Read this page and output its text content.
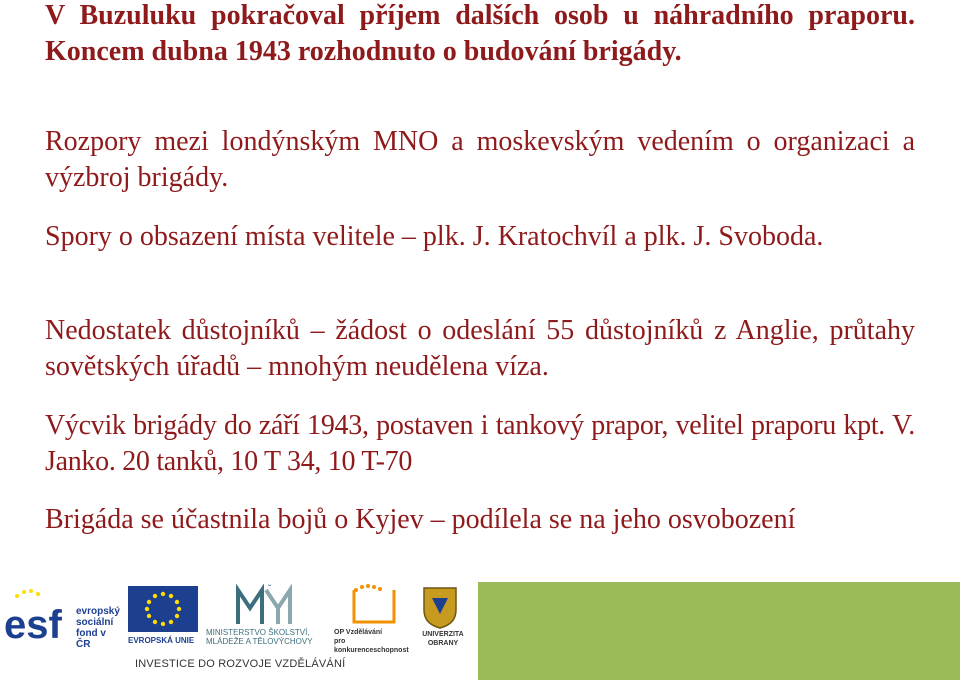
V Buzuluku pokračoval příjem dalších osob u náhradního praporu. Koncem dubna 1943 rozhodnuto o budování brigády.

Rozpory mezi londýnským MNO a moskevským vedením o organizaci a výzbroj brigády.

Spory o obsazení místa velitele – plk. J. Kratochvíl a plk. J. Svoboda.

Nedostatek důstojníků – žádost o odeslání 55 důstojníků z Anglie, průtahy sovětských úřadů – mnohým neudělena víza.

Výcvik brigády do září 1943, postaven i tankový prapor, velitel praporu kpt. V. Janko. 20 tanků, 10 T 34, 10 T-70

Brigáda se účastnila bojů o Kyjev – podílela se na jeho osvobození

esf evropský
sociální
fond v ČR	EVROPSKÁ UNIE
ˇ
MINISTERSTVO ŠKOLSTVÍ,
MLÁDEŽE A TĚLOVÝCHOVY
OP Vzdělávání
pro konkurenceschopnost
UNIVERZITA
OBRANY
INVESTICE DO ROZVOJE VZDĚLÁVÁNÍ
